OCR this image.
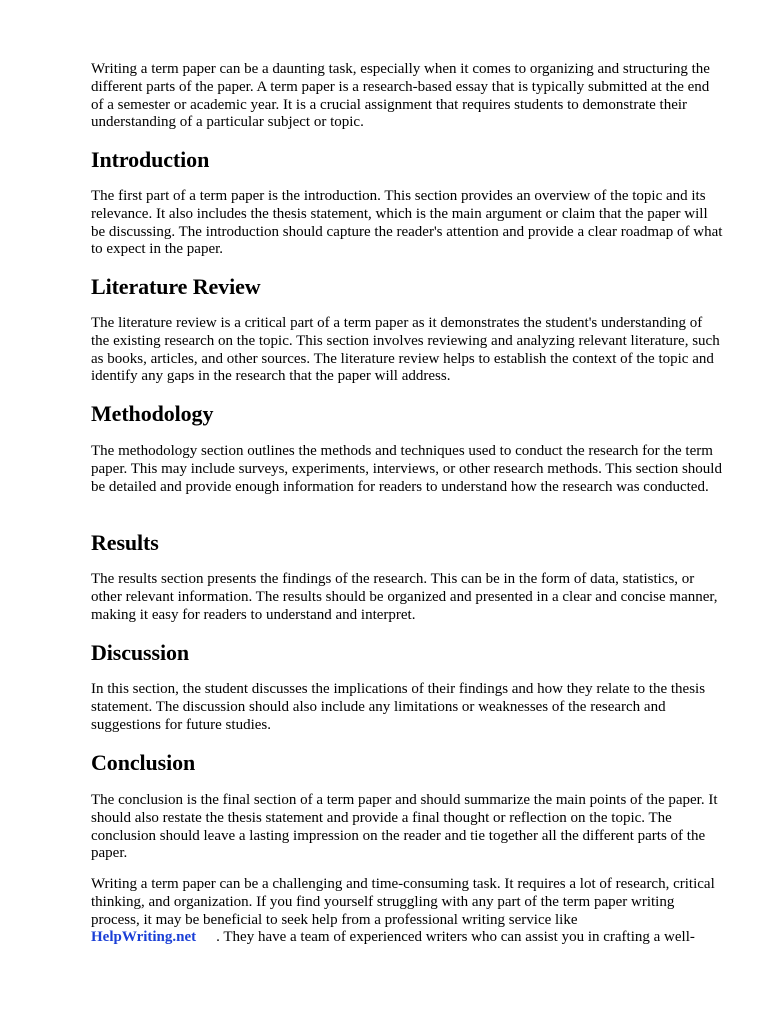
Writing a term paper can be a daunting task, especially when it comes to organizing and structuring the different parts of the paper. A term paper is a research-based essay that is typically submitted at the end of a semester or academic year. It is a crucial assignment that requires students to demonstrate their understanding of a particular subject or topic.

Introduction

The first part of a term paper is the introduction. This section provides an overview of the topic and its relevance. It also includes the thesis statement, which is the main argument or claim that the paper will be discussing. The introduction should capture the reader's attention and provide a clear roadmap of what to expect in the paper.

Literature Review

The literature review is a critical part of a term paper as it demonstrates the student's understanding of the existing research on the topic. This section involves reviewing and analyzing relevant literature, such as books, articles, and other sources. The literature review helps to establish the context of the topic and identify any gaps in the research that the paper will address.

Methodology

The methodology section outlines the methods and techniques used to conduct the research for the term paper. This may include surveys, experiments, interviews, or other research methods. This section should be detailed and provide enough information for readers to understand how the research was conducted.

Results

The results section presents the findings of the research. This can be in the form of data, statistics, or other relevant information. The results should be organized and presented in a clear and concise manner, making it easy for readers to understand and interpret.

Discussion

In this section, the student discusses the implications of their findings and how they relate to the thesis statement. The discussion should also include any limitations or weaknesses of the research and suggestions for future studies.

Conclusion

The conclusion is the final section of a term paper and should summarize the main points of the paper. It should also restate the thesis statement and provide a final thought or reflection on the topic. The conclusion should leave a lasting impression on the reader and tie together all the different parts of the paper.

Writing a term paper can be a challenging and time-consuming task. It requires a lot of research, critical thinking, and organization. If you find yourself struggling with any part of the term paper writing process, it may be beneficial to seek help from a professional writing service like
HelpWriting.net . They have a team of experienced writers who can assist you in crafting a well-
